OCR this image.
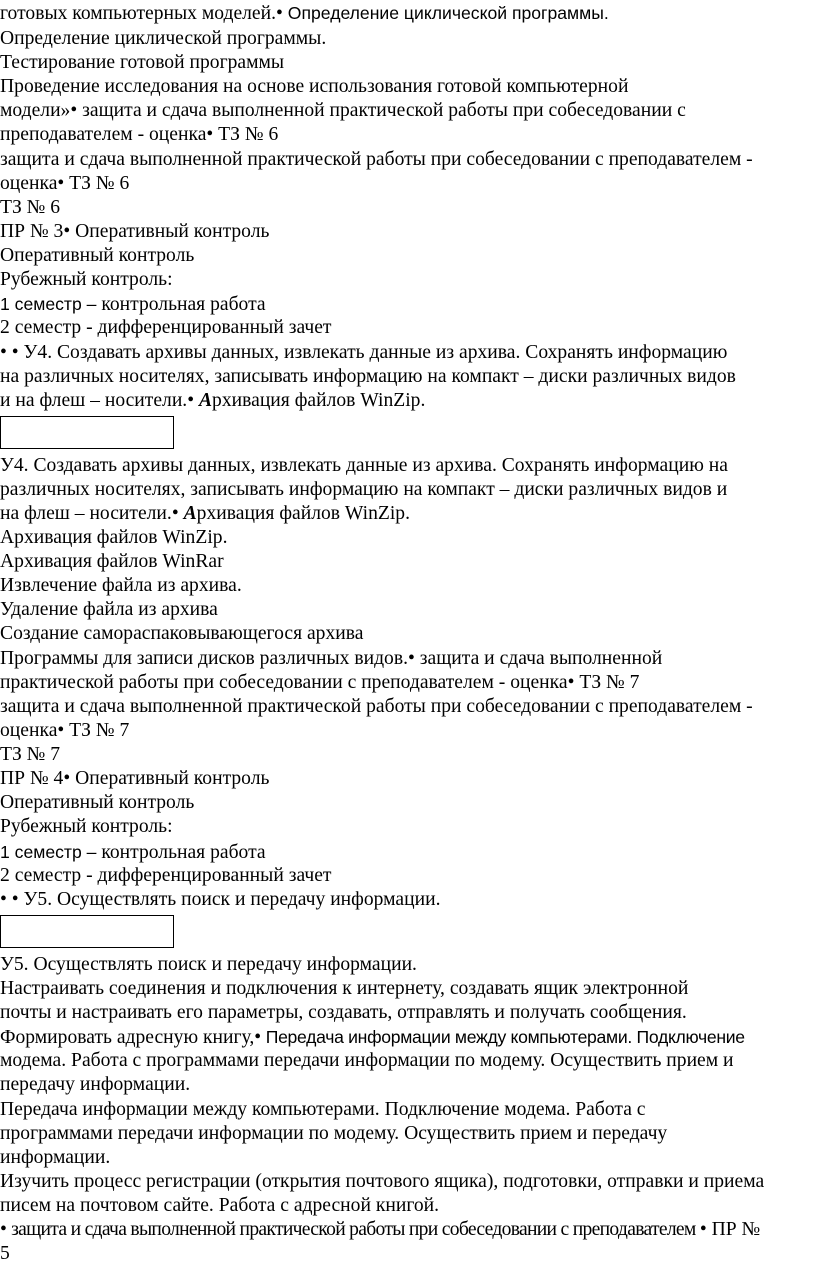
готовых компьютерных моделей.• Определение циклической программы.
Определение циклической программы.
Тестирование готовой программы
Проведение исследования на основе использования готовой компьютерной
модели»• защита и сдача выполненной практической работы при собеседовании с
преподавателем - оценка• ТЗ № 6
защита и сдача выполненной практической работы при собеседовании с преподавателем -
оценка• ТЗ № 6
ТЗ № 6
ПР № 3• Оперативный контроль
Оперативный контроль
Рубежный контроль:
1 семестр – контрольная работа
2 семестр - дифференцированный зачет
• • У4. Создавать архивы данных, извлекать данные из архива. Сохранять информацию
на различных носителях, записывать информацию на компакт – диски различных видов
и на флеш – носители.• Архивация файлов WinZip.
У4. Создавать архивы данных, извлекать данные из архива. Сохранять информацию на
различных носителях, записывать информацию на компакт – диски различных видов и
на флеш – носители.• Архивация файлов WinZip.
Архивация файлов WinZip.
Архивация файлов WinRar
Извлечение файла из архива.
Удаление файла из архива
Создание самораспаковывающегося архива
Программы для записи дисков различных видов.• защита и сдача выполненной
практической работы при собеседовании с преподавателем - оценка• ТЗ № 7
защита и сдача выполненной практической работы при собеседовании с преподавателем -
оценка• ТЗ № 7
ТЗ № 7
ПР № 4• Оперативный контроль
Оперативный контроль
Рубежный контроль:
1 семестр – контрольная работа
2 семестр - дифференцированный зачет
• • У5. Осуществлять поиск и передачу информации.
У5. Осуществлять поиск и передачу информации.
Настраивать соединения и подключения к интернету, создавать ящик электронной
почты и настраивать его параметры, создавать, отправлять и получать сообщения.
Формировать адресную книгу,• Передача информации между компьютерами. Подключение
модема. Работа с программами передачи информации по модему. Осуществить прием и
передачу информации.
Передача информации между компьютерами. Подключение модема. Работа с
программами передачи информации по модему. Осуществить прием и передачу
информации.
Изучить процесс регистрации (открытия почтового ящика), подготовки, отправки и приема
писем на почтовом сайте. Работа с адресной книгой.
• защита и сдача выполненной практической работы при собеседовании с преподавателем • ПР №
5
